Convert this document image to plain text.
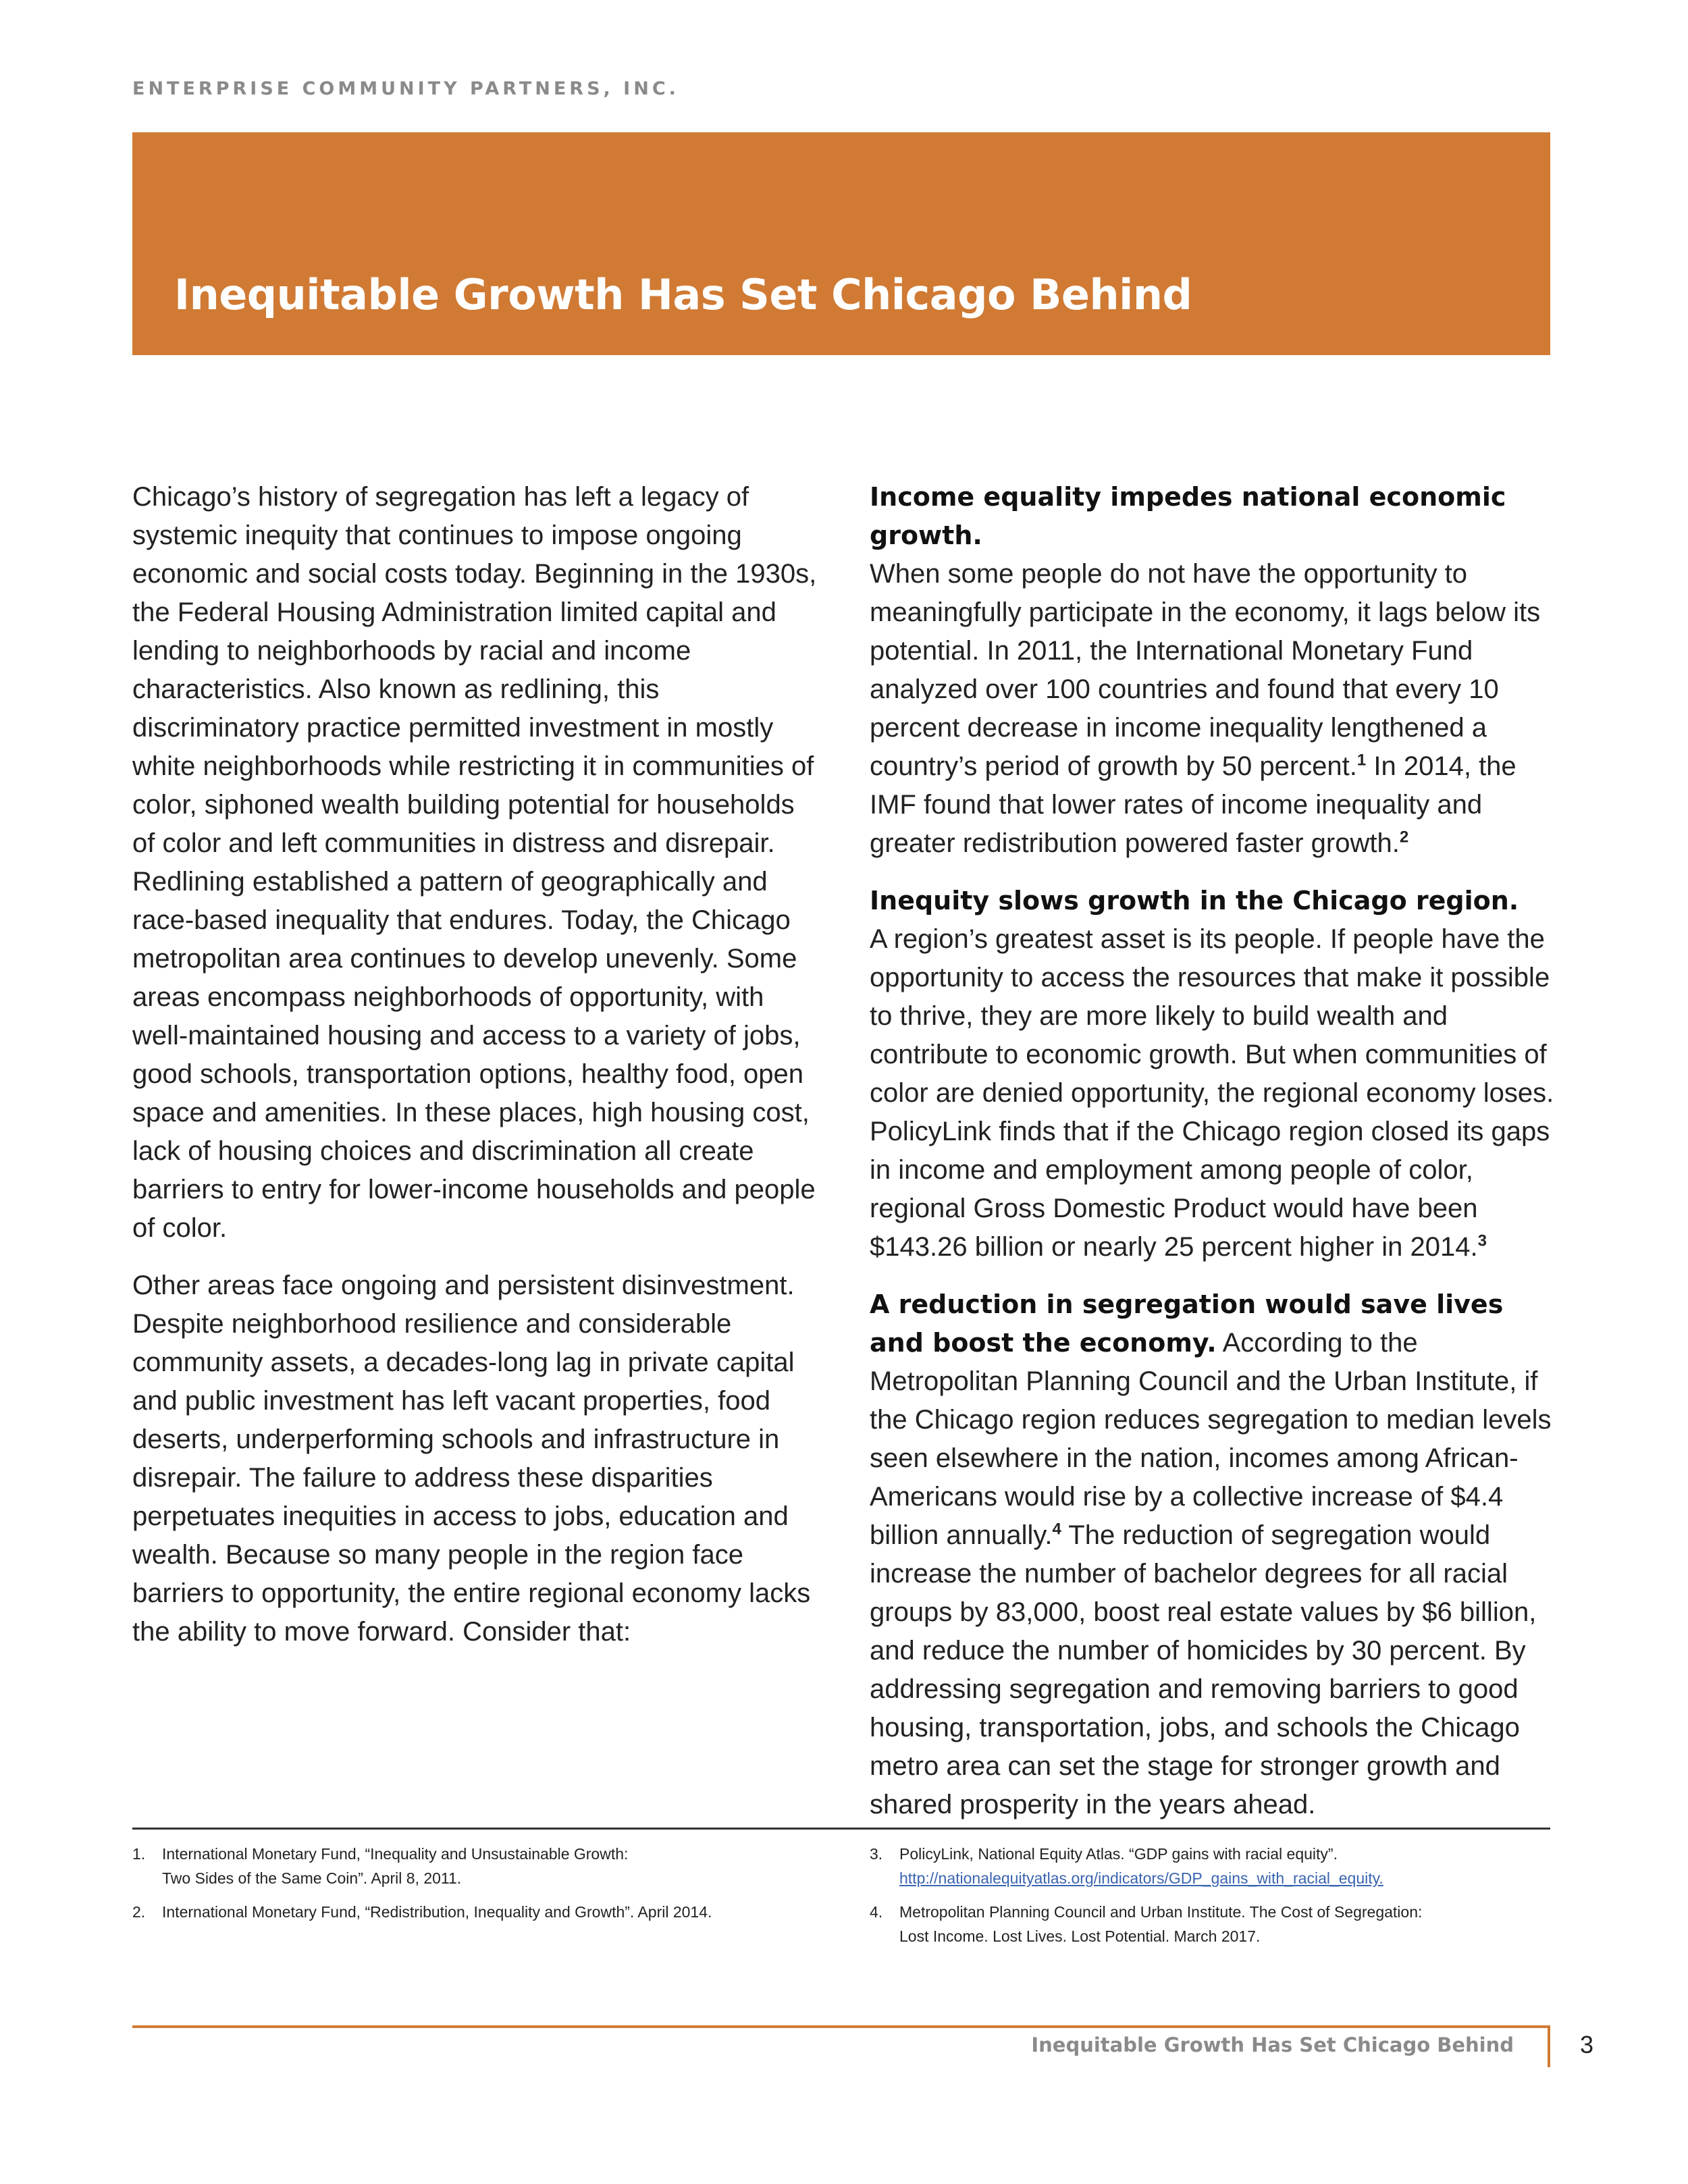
ENTERPRISE COMMUNITY PARTNERS, INC.
Inequitable Growth Has Set Chicago Behind

Chicago’s history of segregation has left a legacy of systemic inequity that continues to impose ongoing economic and social costs today. Beginning in the 1930s, the Federal Housing Administration limited capital and lending to neighborhoods by racial and income characteristics. Also known as redlining, this discriminatory practice permitted investment in mostly white neighborhoods while restricting it in communities of color, siphoned wealth building potential for households of color and left communities in distress and disrepair. Redlining established a pattern of geographically and race-based inequality that endures. Today, the Chicago metropolitan area continues to develop unevenly. Some areas encompass neighborhoods of opportunity, with well-maintained housing and access to a variety of jobs, good schools, transportation options, healthy food, open space and amenities. In these places, high housing cost, lack of housing choices and discrimination all create barriers to entry for lower-income households and people of color.

Other areas face ongoing and persistent disinvestment. Despite neighborhood resilience and considerable community assets, a decades-long lag in private capital and public investment has left vacant properties, food deserts, underperforming schools and infrastructure in disrepair. The failure to address these disparities perpetuates inequities in access to jobs, education and wealth. Because so many people in the region face barriers to opportunity, the entire regional economy lacks the ability to move forward. Consider that:

Income equality impedes national economic growth.
When some people do not have the opportunity to meaningfully participate in the economy, it lags below its potential. In 2011, the International Monetary Fund analyzed over 100 countries and found that every 10 percent decrease in income inequality lengthened a country’s period of growth by 50 percent.$^1$ In 2014, the IMF found that lower rates of income inequality and greater redistribution powered faster growth.$^2$

Inequity slows growth in the Chicago region.
A region’s greatest asset is its people. If people have the opportunity to access the resources that make it possible to thrive, they are more likely to build wealth and contribute to economic growth. But when communities of color are denied opportunity, the regional economy loses. PolicyLink finds that if the Chicago region closed its gaps in income and employment among people of color, regional Gross Domestic Product would have been $143.26 billion or nearly 25 percent higher in 2014.$^3$

A reduction in segregation would save lives and boost the economy. According to the Metropolitan Planning Council and the Urban Institute, if the Chicago region reduces segregation to median levels seen elsewhere in the nation, incomes among African-Americans would rise by a collective increase of $4.4 billion annually.$^4$ The reduction of segregation would increase the number of bachelor degrees for all racial groups by 83,000, boost real estate values by $6 billion, and reduce the number of homicides by 30 percent. By addressing segregation and removing barriers to good housing, transportation, jobs, and schools the Chicago metro area can set the stage for stronger growth and shared prosperity in the years ahead.

1. International Monetary Fund, “Inequality and Unsustainable Growth:
Two Sides of the Same Coin”. April 8, 2011.
2. International Monetary Fund, “Redistribution, Inequality and Growth”. April 2014.
3. PolicyLink, National Equity Atlas. “GDP gains with racial equity”.
http://nationalequityatlas.org/indicators/GDP_gains_with_racial_equity.
4. Metropolitan Planning Council and Urban Institute. The Cost of Segregation:
Lost Income. Lost Lives. Lost Potential. March 2017.
Inequitable Growth Has Set Chicago Behind	3
